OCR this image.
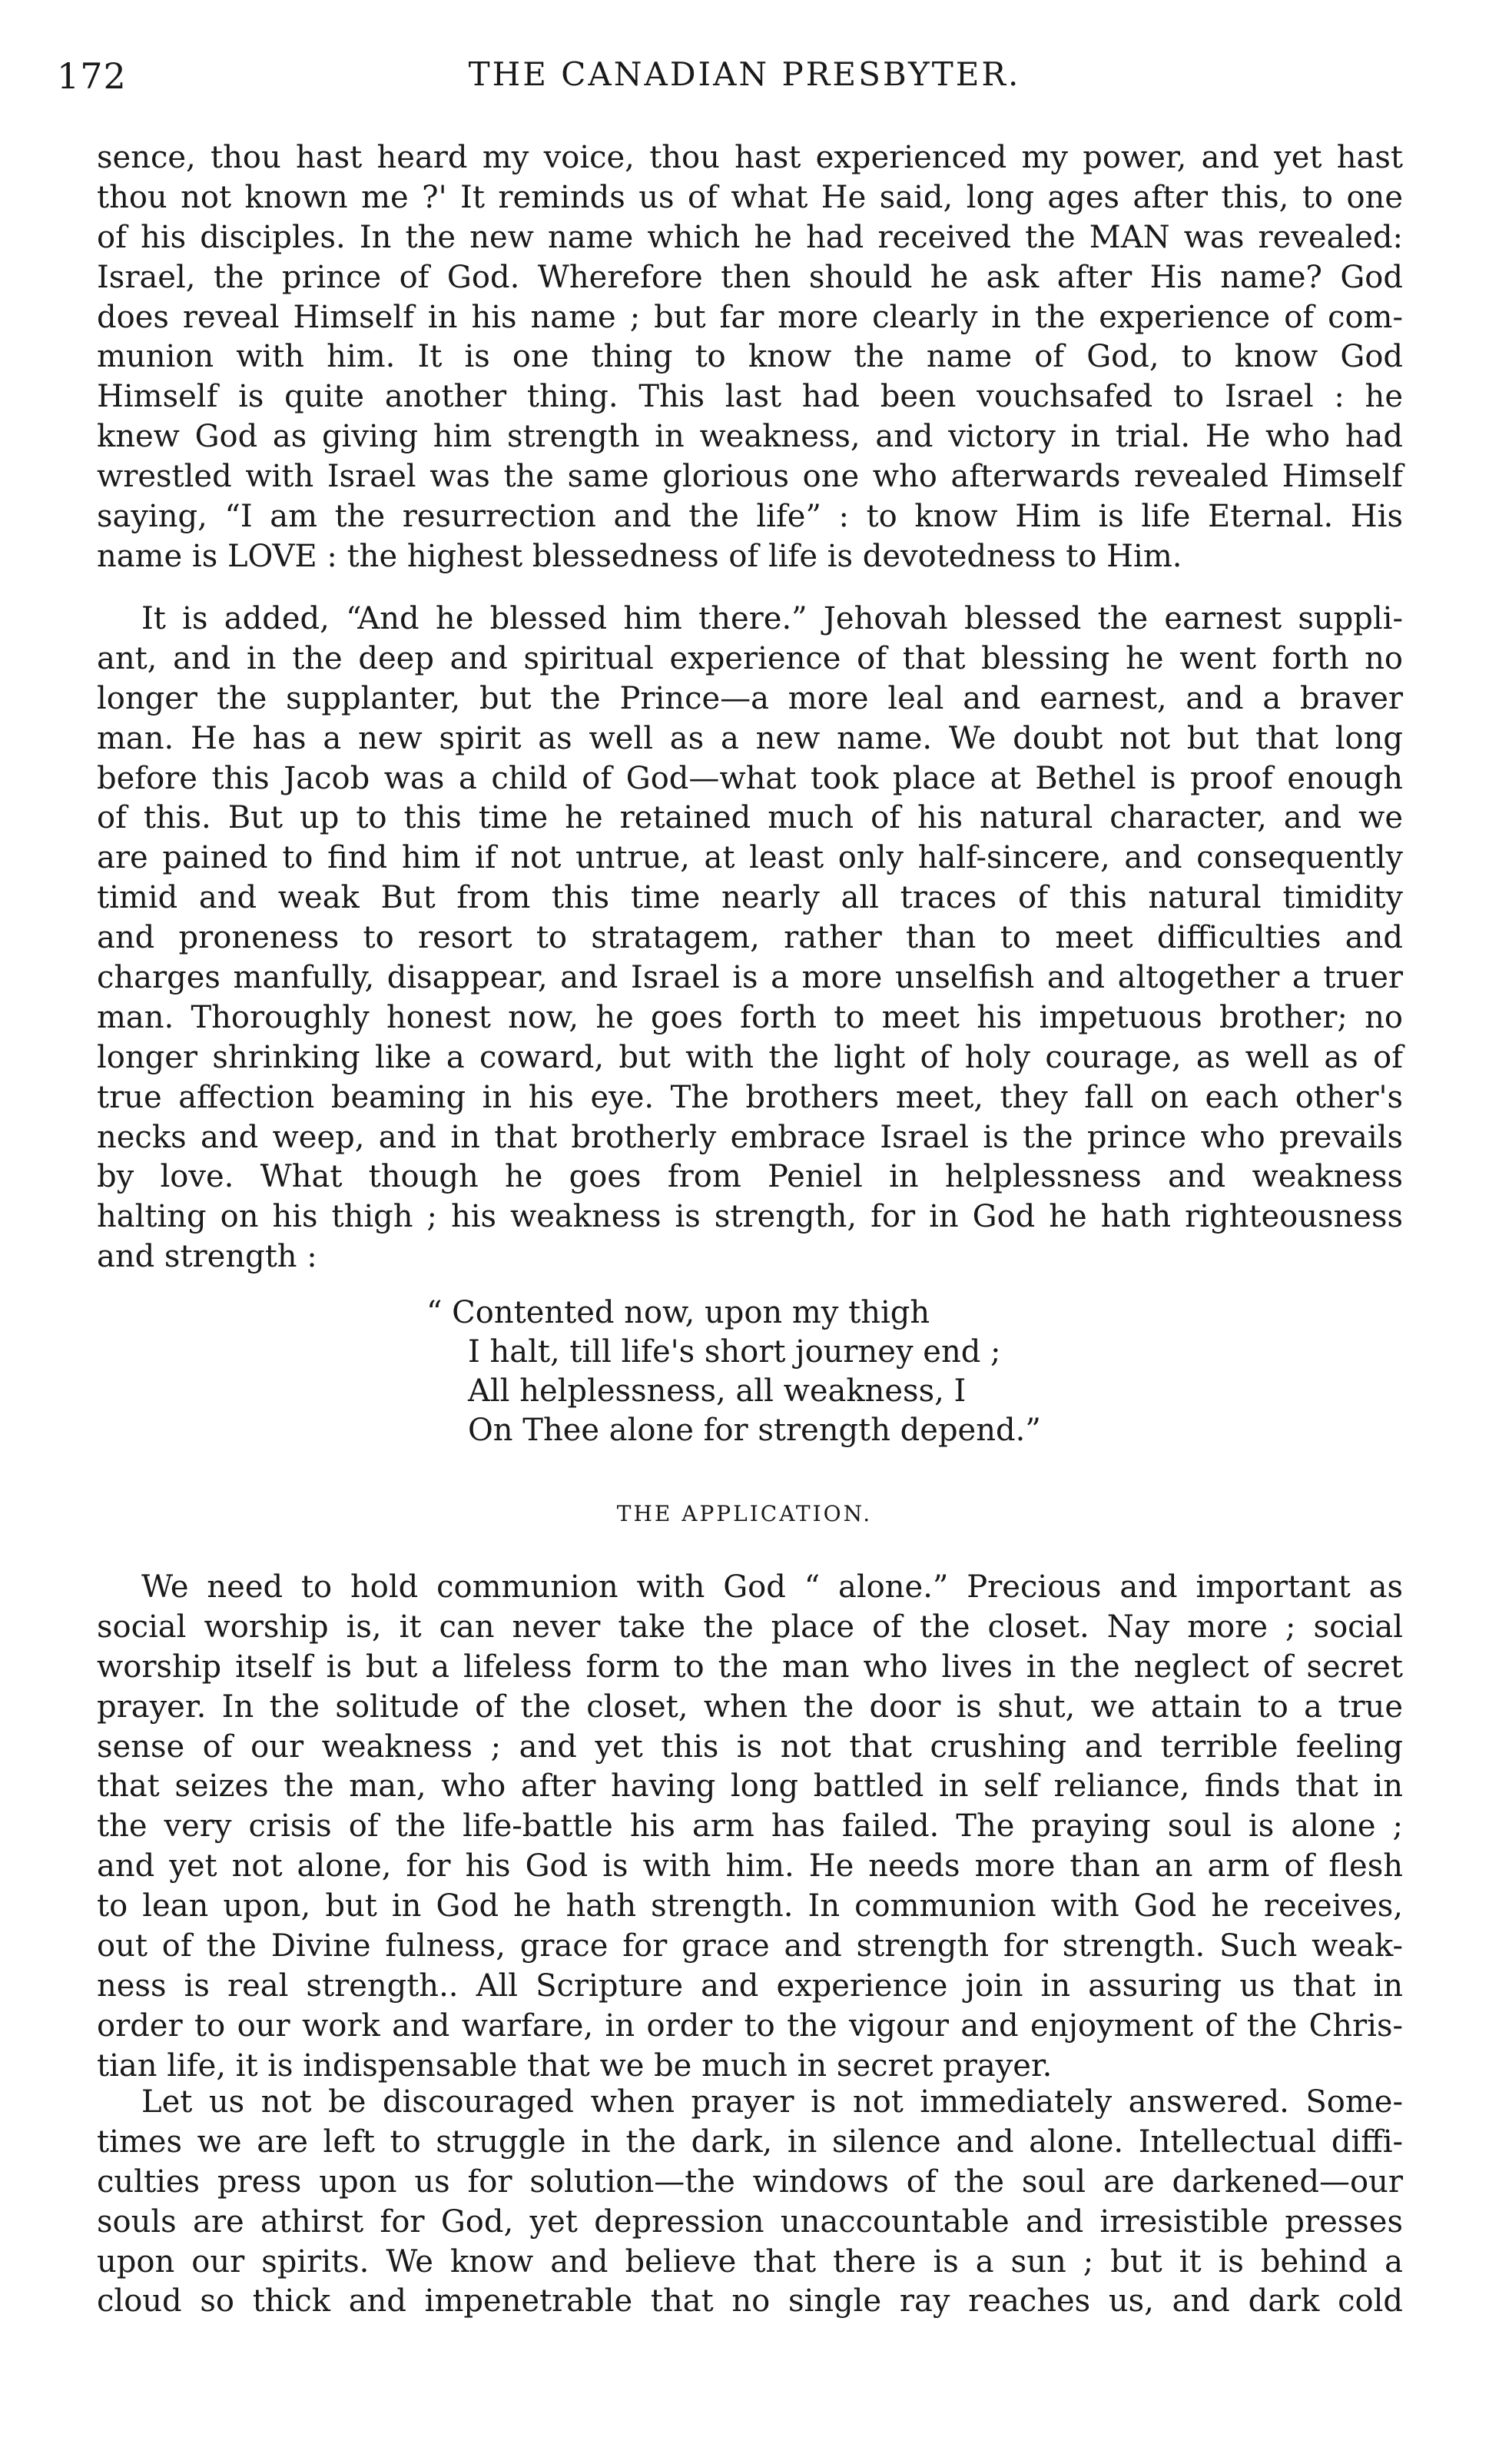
172	THE CANADIAN PRESBYTER.
sence, thou hast heard my voice, thou hast experienced my power, and yet hast
thou not known me ?' It reminds us of what He said, long ages after this, to one
of his disciples. In the new name which he had received the MAN was revealed:
Israel, the prince of God. Wherefore then should he ask after His name? God
does reveal Himself in his name ; but far more clearly in the experience of com-
munion with him. It is one thing to know the name of God, to know God
Himself is quite another thing. This last had been vouchsafed to Israel : he
knew God as giving him strength in weakness, and victory in trial. He who had
wrestled with Israel was the same glorious one who afterwards revealed Himself
saying, “I am the resurrection and the life” : to know Him is life Eternal. His
name is LOVE : the highest blessedness of life is devotedness to Him.
It is added, “And he blessed him there.” Jehovah blessed the earnest suppli-
ant, and in the deep and spiritual experience of that blessing he went forth no
longer the supplanter, but the Prince—a more leal and earnest, and a braver
man. He has a new spirit as well as a new name. We doubt not but that long
before this Jacob was a child of God—what took place at Bethel is proof enough
of this. But up to this time he retained much of his natural character, and we
are pained to find him if not untrue, at least only half-sincere, and consequently
timid and weak But from this time nearly all traces of this natural timidity
and proneness to resort to stratagem, rather than to meet difficulties and
charges manfully, disappear, and Israel is a more unselfish and altogether a truer
man. Thoroughly honest now, he goes forth to meet his impetuous brother; no
longer shrinking like a coward, but with the light of holy courage, as well as of
true affection beaming in his eye. The brothers meet, they fall on each other's
necks and weep, and in that brotherly embrace Israel is the prince who prevails
by love. What though he goes from Peniel in helplessness and weakness
halting on his thigh ; his weakness is strength, for in God he hath righteousness
and strength :
“ Contented now, upon my thigh
I halt, till life's short journey end ;
All helplessness, all weakness, I
On Thee alone for strength depend.”
THE APPLICATION.
We need to hold communion with God “ alone.” Precious and important as
social worship is, it can never take the place of the closet. Nay more ; social
worship itself is but a lifeless form to the man who lives in the neglect of secret
prayer. In the solitude of the closet, when the door is shut, we attain to a true
sense of our weakness ; and yet this is not that crushing and terrible feeling
that seizes the man, who after having long battled in self reliance, finds that in
the very crisis of the life-battle his arm has failed. The praying soul is alone ;
and yet not alone, for his God is with him. He needs more than an arm of flesh
to lean upon, but in God he hath strength. In communion with God he receives,
out of the Divine fulness, grace for grace and strength for strength. Such weak-
ness is real strength.. All Scripture and experience join in assuring us that in
order to our work and warfare, in order to the vigour and enjoyment of the Chris-
tian life, it is indispensable that we be much in secret prayer.
Let us not be discouraged when prayer is not immediately answered. Some-
times we are left to struggle in the dark, in silence and alone. Intellectual diffi-
culties press upon us for solution—the windows of the soul are darkened—our
souls are athirst for God, yet depression unaccountable and irresistible presses
upon our spirits. We know and believe that there is a sun ; but it is behind a
cloud so thick and impenetrable that no single ray reaches us, and dark cold
